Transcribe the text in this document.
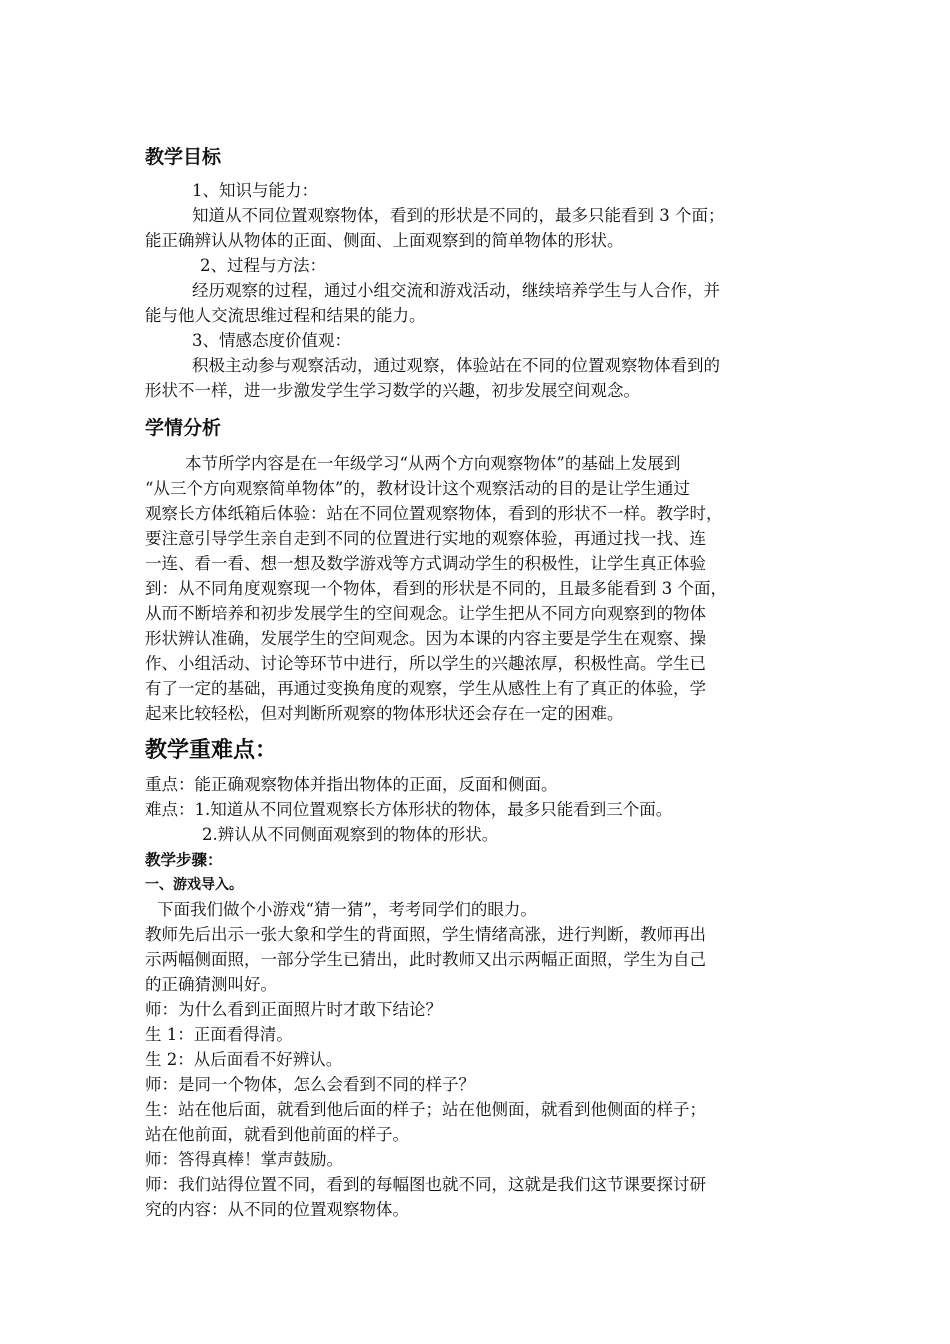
教学目标

1、知识与能力：

知道从不同位置观察物体，看到的形状是不同的，最多只能看到 3 个面；

能正确辨认从物体的正面、侧面、上面观察到的简单物体的形状。

2、过程与方法：

经历观察的过程，通过小组交流和游戏活动，继续培养学生与人合作，并

能与他人交流思维过程和结果的能力。

3、情感态度价值观：

积极主动参与观察活动，通过观察，体验站在不同的位置观察物体看到的

形状不一样，进一步激发学生学习数学的兴趣，初步发展空间观念。

学情分析

本节所学内容是在一年级学习“从两个方向观察物体”的基础上发展到

“从三个方向观察简单物体”的，教材设计这个观察活动的目的是让学生通过

观察长方体纸箱后体验：站在不同位置观察物体，看到的形状不一样。教学时，

要注意引导学生亲自走到不同的位置进行实地的观察体验，再通过找一找、连

一连、看一看、想一想及数学游戏等方式调动学生的积极性，让学生真正体验

到：从不同角度观察现一个物体，看到的形状是不同的，且最多能看到 3 个面，

从而不断培养和初步发展学生的空间观念。让学生把从不同方向观察到的物体

形状辨认准确，发展学生的空间观念。因为本课的内容主要是学生在观察、操

作、小组活动、讨论等环节中进行，所以学生的兴趣浓厚，积极性高。学生已

有了一定的基础，再通过变换角度的观察，学生从感性上有了真正的体验，学

起来比较轻松，但对判断所观察的物体形状还会存在一定的困难。

教学重难点：

重点：能正确观察物体并指出物体的正面，反面和侧面。

难点：1.知道从不同位置观察长方体形状的物体，最多只能看到三个面。

2.辨认从不同侧面观察到的物体的形状。

教学步骤：
一、游戏导入。

下面我们做个小游戏“猜一猜”，考考同学们的眼力。

教师先后出示一张大象和学生的背面照，学生情绪高涨，进行判断，教师再出

示两幅侧面照，一部分学生已猜出，此时教师又出示两幅正面照，学生为自己

的正确猜测叫好。

师：为什么看到正面照片时才敢下结论？

生 1：正面看得清。

生 2：从后面看不好辨认。

师：是同一个物体，怎么会看到不同的样子？

生：站在他后面，就看到他后面的样子；站在他侧面，就看到他侧面的样子；

站在他前面，就看到他前面的样子。

师：答得真棒！掌声鼓励。

师：我们站得位置不同，看到的每幅图也就不同，这就是我们这节课要探讨研

究的内容：从不同的位置观察物体。
